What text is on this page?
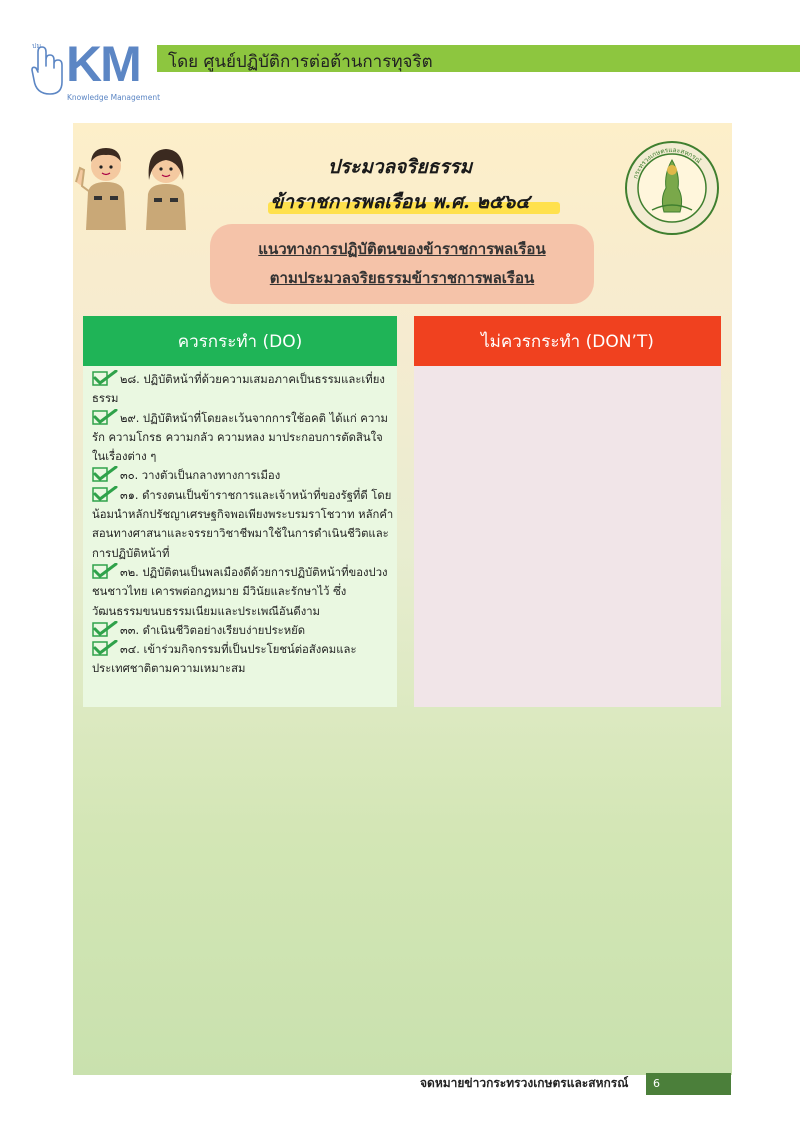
ปม KM
Knowledge Management
โดย ศูนย์ปฏิบัติการต่อต้านการทุจริต
ประมวลจริยธรรม
ข้าราชการพลเรือน พ.ศ. ๒๕๖๔
กระทรวงเกษตรและสหกรณ์
แนวทางการปฏิบัติตนของข้าราชการพลเรือน
ตามประมวลจริยธรรมข้าราชการพลเรือน
ควรกระทำ (DO)	ไม่ควรกระทำ (DON’T)
๒๘. ปฏิบัติหน้าที่ด้วยความเสมอภาคเป็นธรรมและเที่ยงธรรม
๒๙. ปฏิบัติหน้าที่โดยละเว้นจากการใช้อคติ ได้แก่ ความรัก ความโกรธ ความกลัว ความหลง มาประกอบการตัดสินใจในเรื่องต่าง ๆ
๓๐. วางตัวเป็นกลางทางการเมือง
๓๑. ดำรงตนเป็นข้าราชการและเจ้าหน้าที่ของรัฐที่ดี โดยน้อมนำหลักปรัชญาเศรษฐกิจพอเพียงพระบรมราโชวาท หลักคำสอนทางศาสนาและจรรยาวิชาชีพมาใช้ในการดำเนินชีวิตและการปฏิบัติหน้าที่
๓๒. ปฏิบัติตนเป็นพลเมืองดีด้วยการปฏิบัติหน้าที่ของปวงชนชาวไทย เคารพต่อกฎหมาย มีวินัยและรักษาไว้ ซึ่งวัฒนธรรมขนบธรรมเนียมและประเพณีอันดีงาม
๓๓. ดำเนินชีวิตอย่างเรียบง่ายประหยัด
๓๔. เข้าร่วมกิจกรรมที่เป็นประโยชน์ต่อสังคมและประเทศชาติตามความเหมาะสม
จดหมายข่าวกระทรวงเกษตรและสหกรณ์ 6
